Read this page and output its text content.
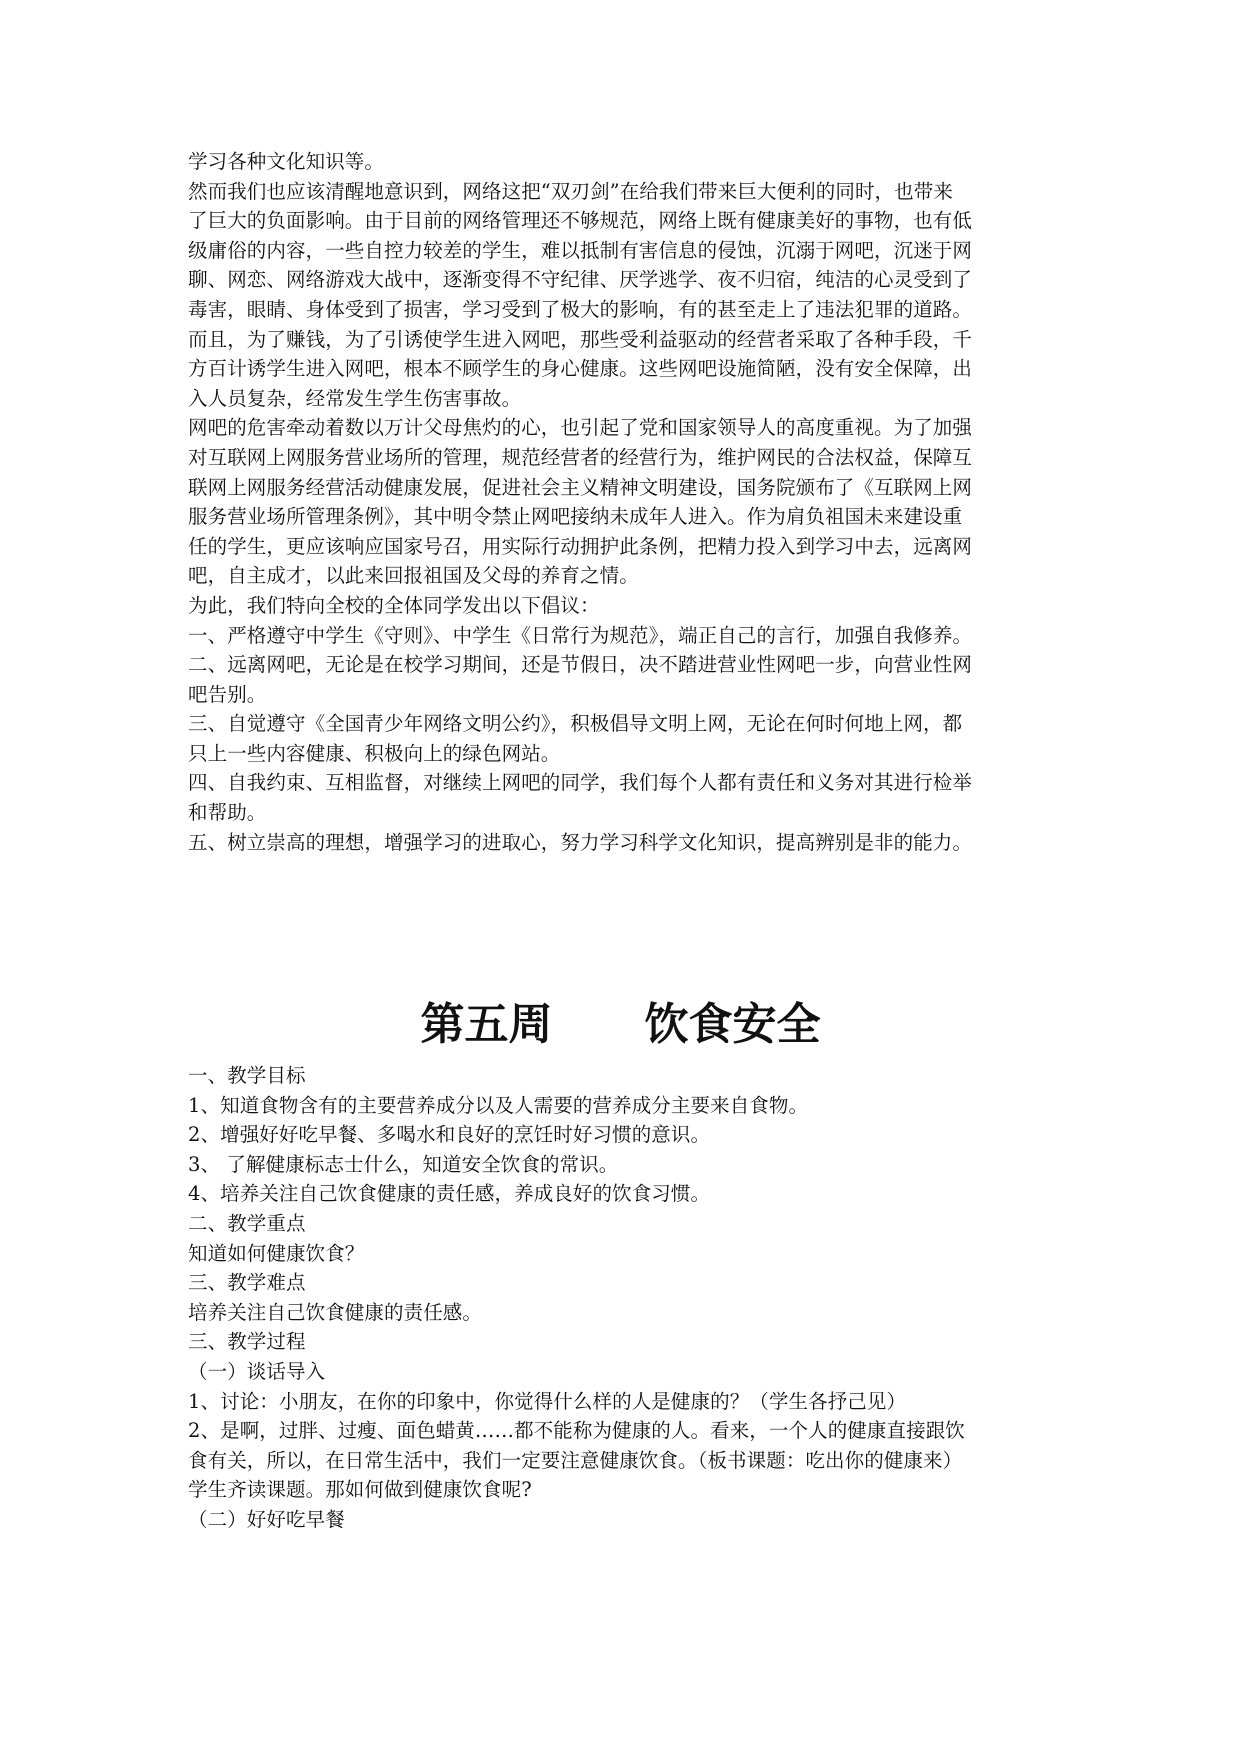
学习各种文化知识等。
然而我们也应该清醒地意识到，网络这把“双刃剑”在给我们带来巨大便利的同时，也带来
了巨大的负面影响。由于目前的网络管理还不够规范，网络上既有健康美好的事物，也有低
级庸俗的内容，一些自控力较差的学生，难以抵制有害信息的侵蚀，沉溺于网吧，沉迷于网
聊、网恋、网络游戏大战中，逐渐变得不守纪律、厌学逃学、夜不归宿，纯洁的心灵受到了
毒害，眼睛、身体受到了损害，学习受到了极大的影响，有的甚至走上了违法犯罪的道路。
而且，为了赚钱，为了引诱使学生进入网吧，那些受利益驱动的经营者采取了各种手段，千
方百计诱学生进入网吧，根本不顾学生的身心健康。这些网吧设施简陋，没有安全保障，出
入人员复杂，经常发生学生伤害事故。
网吧的危害牵动着数以万计父母焦灼的心，也引起了党和国家领导人的高度重视。为了加强
对互联网上网服务营业场所的管理，规范经营者的经营行为，维护网民的合法权益，保障互
联网上网服务经营活动健康发展，促进社会主义精神文明建设，国务院颁布了《互联网上网
服务营业场所管理条例》，其中明令禁止网吧接纳未成年人进入。作为肩负祖国未来建设重
任的学生，更应该响应国家号召，用实际行动拥护此条例，把精力投入到学习中去，远离网
吧，自主成才，以此来回报祖国及父母的养育之情。
为此，我们特向全校的全体同学发出以下倡议：
一、严格遵守中学生《守则》、中学生《日常行为规范》，端正自己的言行，加强自我修养。
二、远离网吧，无论是在校学习期间，还是节假日，决不踏进营业性网吧一步，向营业性网
吧告别。
三、自觉遵守《全国青少年网络文明公约》，积极倡导文明上网，无论在何时何地上网，都
只上一些内容健康、积极向上的绿色网站。
四、自我约束、互相监督，对继续上网吧的同学，我们每个人都有责任和义务对其进行检举
和帮助。
五、树立崇高的理想，增强学习的进取心，努力学习科学文化知识，提高辨别是非的能力。
第五周      饮食安全
一、教学目标
1、知道食物含有的主要营养成分以及人需要的营养成分主要来自食物。
2、增强好好吃早餐、多喝水和良好的烹饪时好习惯的意识。
3、 了解健康标志士什么，知道安全饮食的常识。
4、培养关注自己饮食健康的责任感，养成良好的饮食习惯。
二、教学重点
知道如何健康饮食？
三、教学难点
培养关注自己饮食健康的责任感。
三、教学过程
（一）谈话导入
1、讨论：小朋友，在你的印象中，你觉得什么样的人是健康的？（学生各抒己见）
2、是啊，过胖、过瘦、面色蜡黄……都不能称为健康的人。看来，一个人的健康直接跟饮
食有关，所以，在日常生活中，我们一定要注意健康饮食。（板书课题：吃出你的健康来）
学生齐读课题。那如何做到健康饮食呢?
（二）好好吃早餐
